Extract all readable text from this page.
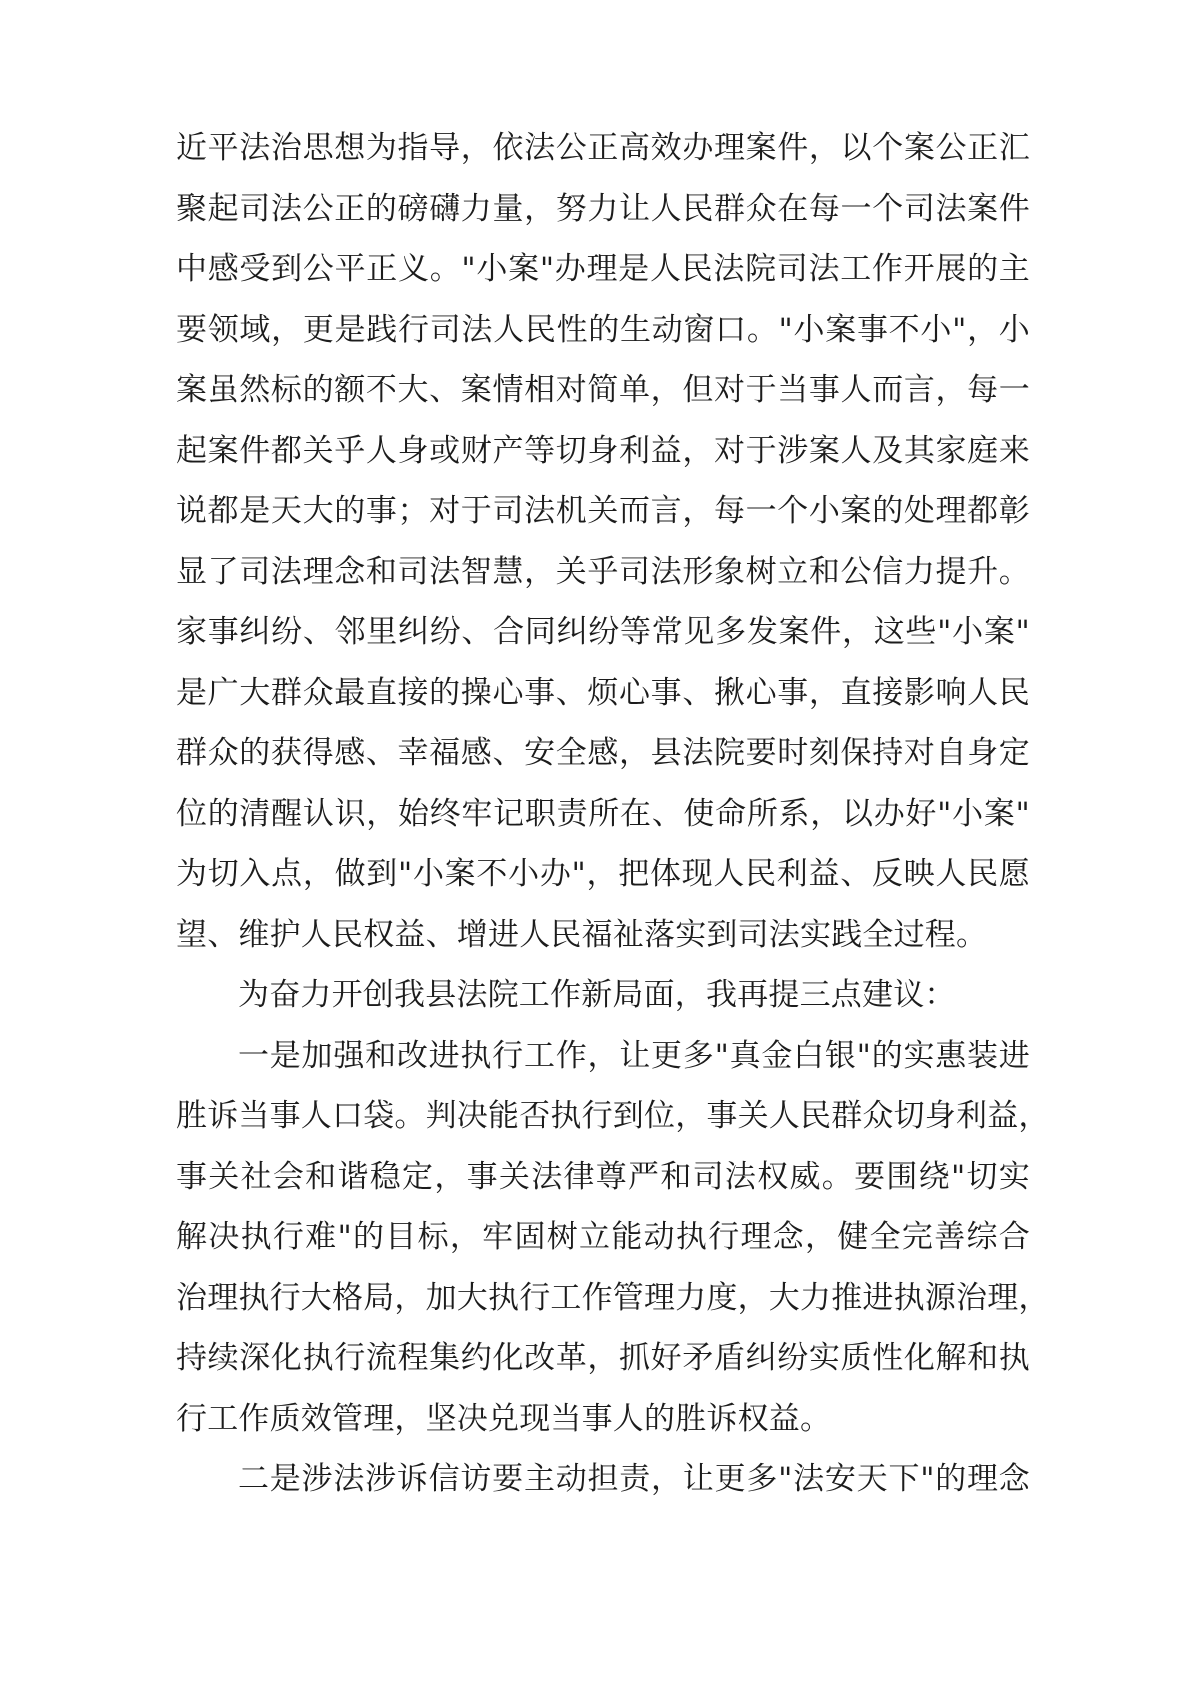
近平法治思想为指导，依法公正高效办理案件，以个案公正汇
聚起司法公正的磅礴力量，努力让人民群众在每一个司法案件
中感受到公平正义。"小案"办理是人民法院司法工作开展的主
要领域，更是践行司法人民性的生动窗口。"小案事不小"，小
案虽然标的额不大、案情相对简单，但对于当事人而言，每一
起案件都关乎人身或财产等切身利益，对于涉案人及其家庭来
说都是天大的事；对于司法机关而言，每一个小案的处理都彰
显了司法理念和司法智慧，关乎司法形象树立和公信力提升。
家事纠纷、邻里纠纷、合同纠纷等常见多发案件，这些"小案"
是广大群众最直接的操心事、烦心事、揪心事，直接影响人民
群众的获得感、幸福感、安全感，县法院要时刻保持对自身定
位的清醒认识，始终牢记职责所在、使命所系，以办好"小案"
为切入点，做到"小案不小办"，把体现人民利益、反映人民愿
望、维护人民权益、增进人民福祉落实到司法实践全过程。
为奋力开创我县法院工作新局面，我再提三点建议：
一是加强和改进执行工作，让更多"真金白银"的实惠装进
胜诉当事人口袋。判决能否执行到位，事关人民群众切身利益，
事关社会和谐稳定，事关法律尊严和司法权威。要围绕"切实
解决执行难"的目标，牢固树立能动执行理念，健全完善综合
治理执行大格局，加大执行工作管理力度，大力推进执源治理，
持续深化执行流程集约化改革，抓好矛盾纠纷实质性化解和执
行工作质效管理，坚决兑现当事人的胜诉权益。
二是涉法涉诉信访要主动担责，让更多"法安天下"的理念
